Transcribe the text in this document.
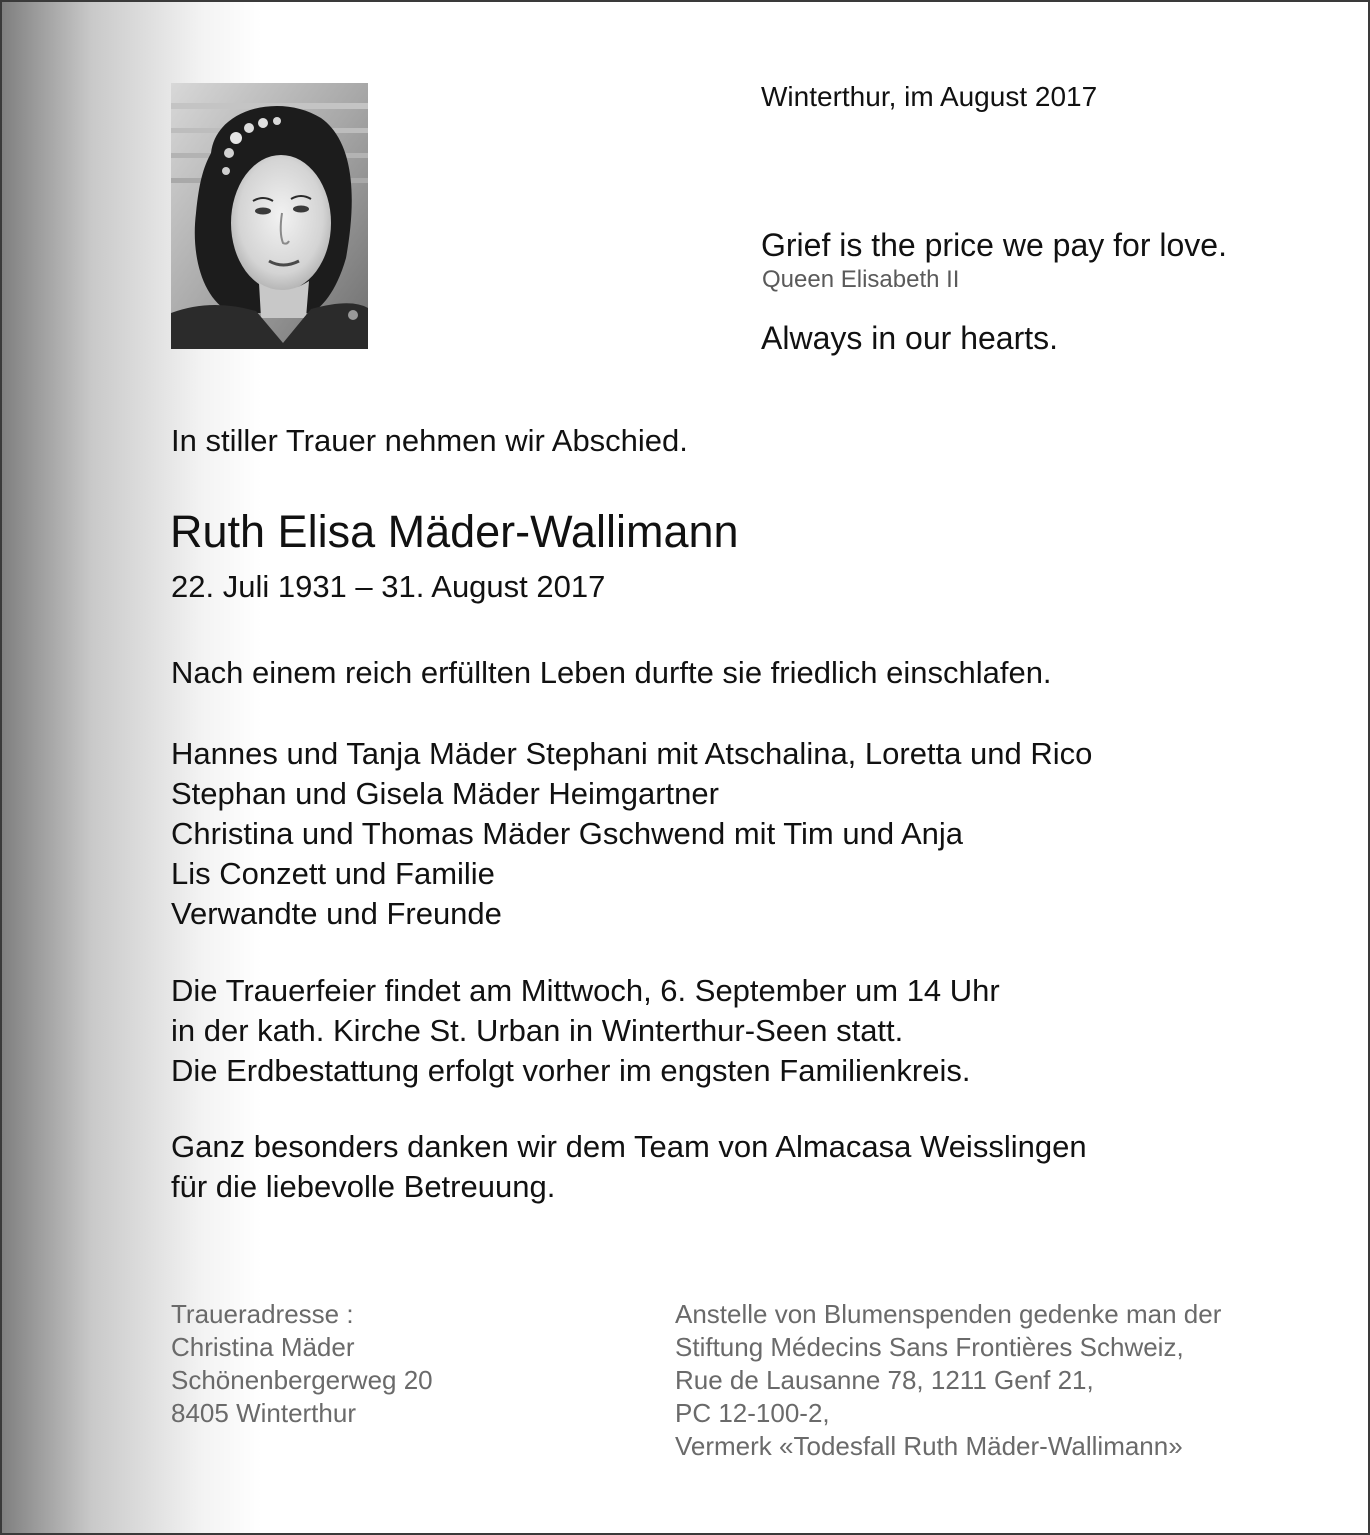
Winterthur, im August 2017
Grief is the price we pay for love.
Queen Elisabeth II
Always in our hearts.
In stiller Trauer nehmen wir Abschied.
Ruth Elisa Mäder-Wallimann
22. Juli 1931 – 31. August 2017
Nach einem reich erfüllten Leben durfte sie friedlich einschlafen.
Hannes und Tanja Mäder Stephani mit Atschalina, Loretta und Rico
Stephan und Gisela Mäder Heimgartner
Christina und Thomas Mäder Gschwend mit Tim und Anja
Lis Conzett und Familie
Verwandte und Freunde
Die Trauerfeier findet am Mittwoch, 6. September um 14 Uhr
in der kath. Kirche St. Urban in Winterthur-Seen statt.
Die Erdbestattung erfolgt vorher im engsten Familienkreis.
Ganz besonders danken wir dem Team von Almacasa Weisslingen
für die liebevolle Betreuung.
Traueradresse :
Christina Mäder
Schönenbergerweg 20
8405 Winterthur
Anstelle von Blumenspenden gedenke man der
Stiftung Médecins Sans Frontières Schweiz,
Rue de Lausanne 78, 1211 Genf 21,
PC 12-100-2,
Vermerk «Todesfall Ruth Mäder-Wallimann»
